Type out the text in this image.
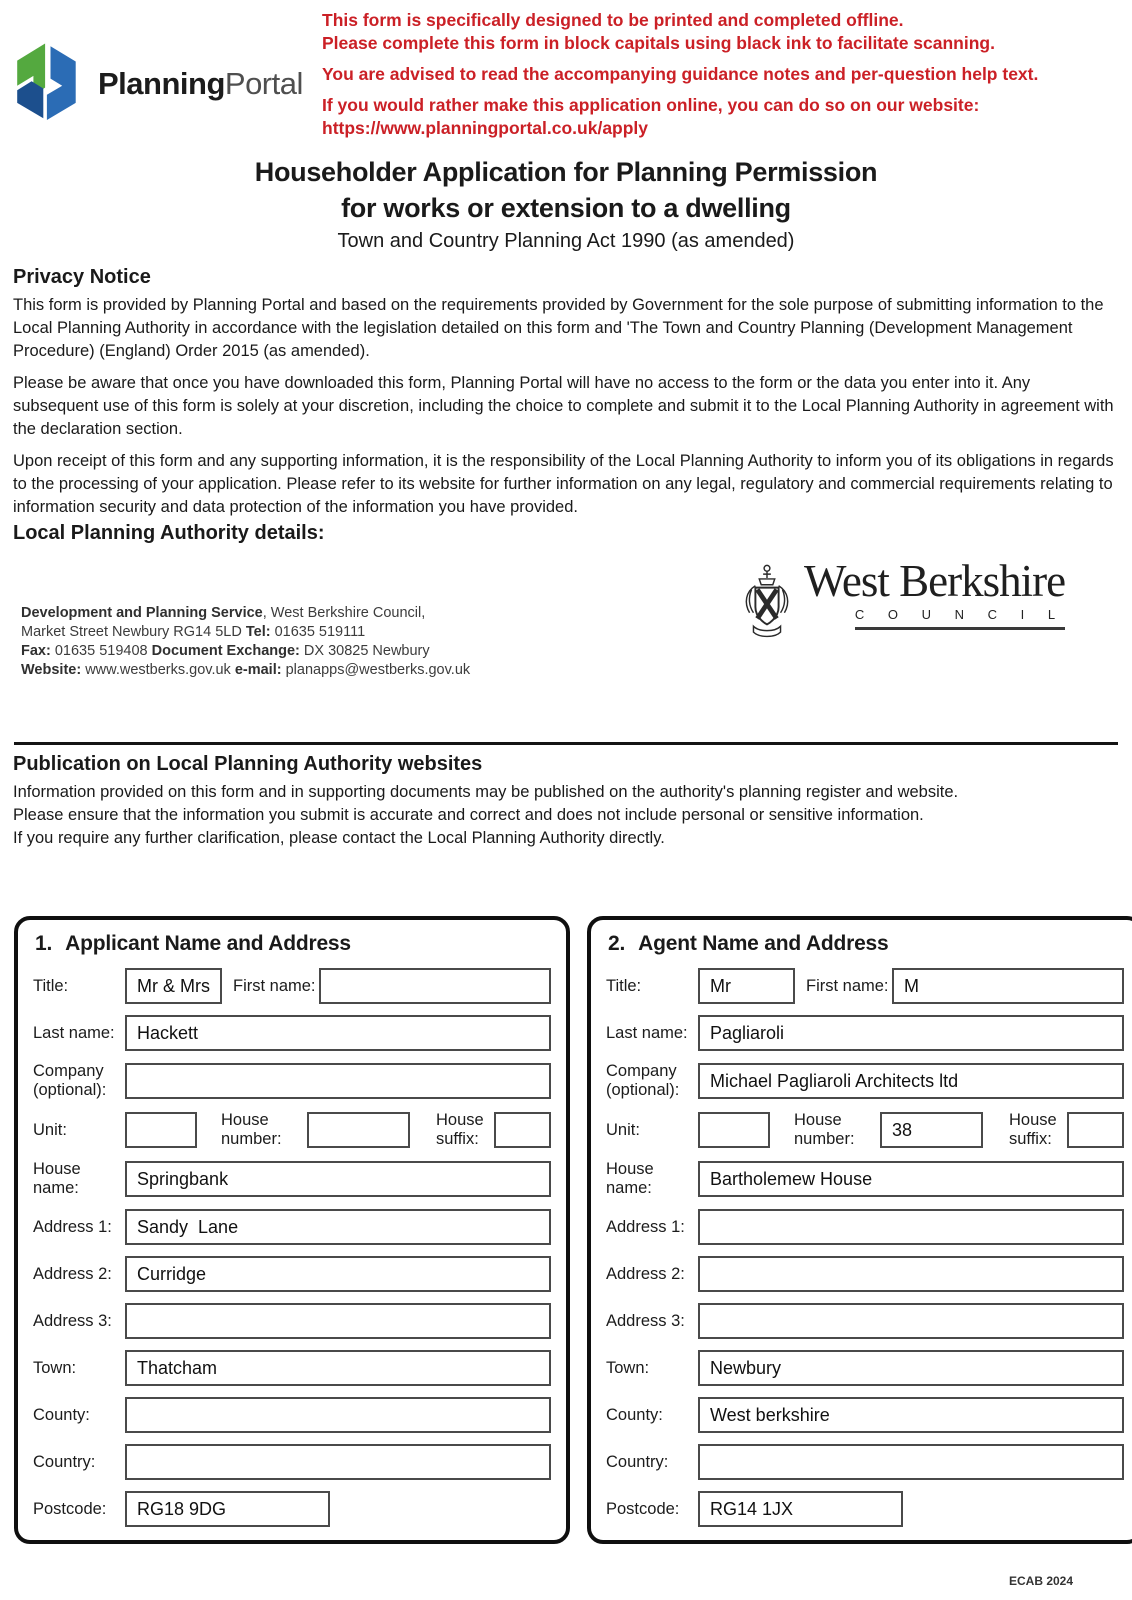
PlanningPortal

This form is specifically designed to be printed and completed offline.
Please complete this form in block capitals using black ink to facilitate scanning.

You are advised to read the accompanying guidance notes and per-question help text.

If you would rather make this application online, you can do so on our website:
https://www.planningportal.co.uk/apply

Householder Application for Planning Permission
for works or extension to a dwelling
Town and Country Planning Act 1990 (as amended)
Privacy Notice

This form is provided by Planning Portal and based on the requirements provided by Government for the sole purpose of submitting information to the Local Planning Authority in accordance with the legislation detailed on this form and 'The Town and Country Planning (Development Management Procedure) (England) Order 2015 (as amended).

Please be aware that once you have downloaded this form, Planning Portal will have no access to the form or the data you enter into it. Any subsequent use of this form is solely at your discretion, including the choice to complete and submit it to the Local Planning Authority in agreement with the declaration section.

Upon receipt of this form and any supporting information, it is the responsibility of the Local Planning Authority to inform you of its obligations in regards to the processing of your application. Please refer to its website for further information on any legal, regulatory and commercial requirements relating to information security and data protection of the information you have provided.

Local Planning Authority details:
Development and Planning Service, West Berkshire Council,
Market Street Newbury RG14 5LD Tel: 01635 519111
Fax: 01635 519408 Document Exchange: DX 30825 Newbury
Website: www.westberks.gov.uk e-mail: planapps@westberks.gov.uk
West Berkshire
C O U N C I L
Publication on Local Planning Authority websites

Information provided on this form and in supporting documents may be published on the authority's planning register and website.

Please ensure that the information you submit is accurate and correct and does not include personal or sensitive information.

If you require any further clarification, please contact the Local Planning Authority directly.

1. Applicant Name and Address
Title:	Mr & Mrs First name:
Last name:	Hackett
Company
(optional):
Unit:
House
number:
House
suffix:
House
name:	Springbank
Address 1:	Sandy  Lane
Address 2:	Curridge
Address 3:
Town:	Thatcham
County:
Country:
Postcode:	RG18 9DG
2. Agent Name and Address
Title:	Mr	First name: M
Last name:	Pagliaroli
Company
(optional):	Michael Pagliaroli Architects ltd
Unit:
House
number:	38	House
suffix:
House
name:	Bartholemew House
Address 1:
Address 2:
Address 3:
Town:	Newbury
County:	West berkshire
Country:
Postcode:	RG14 1JX
ECAB 2024
